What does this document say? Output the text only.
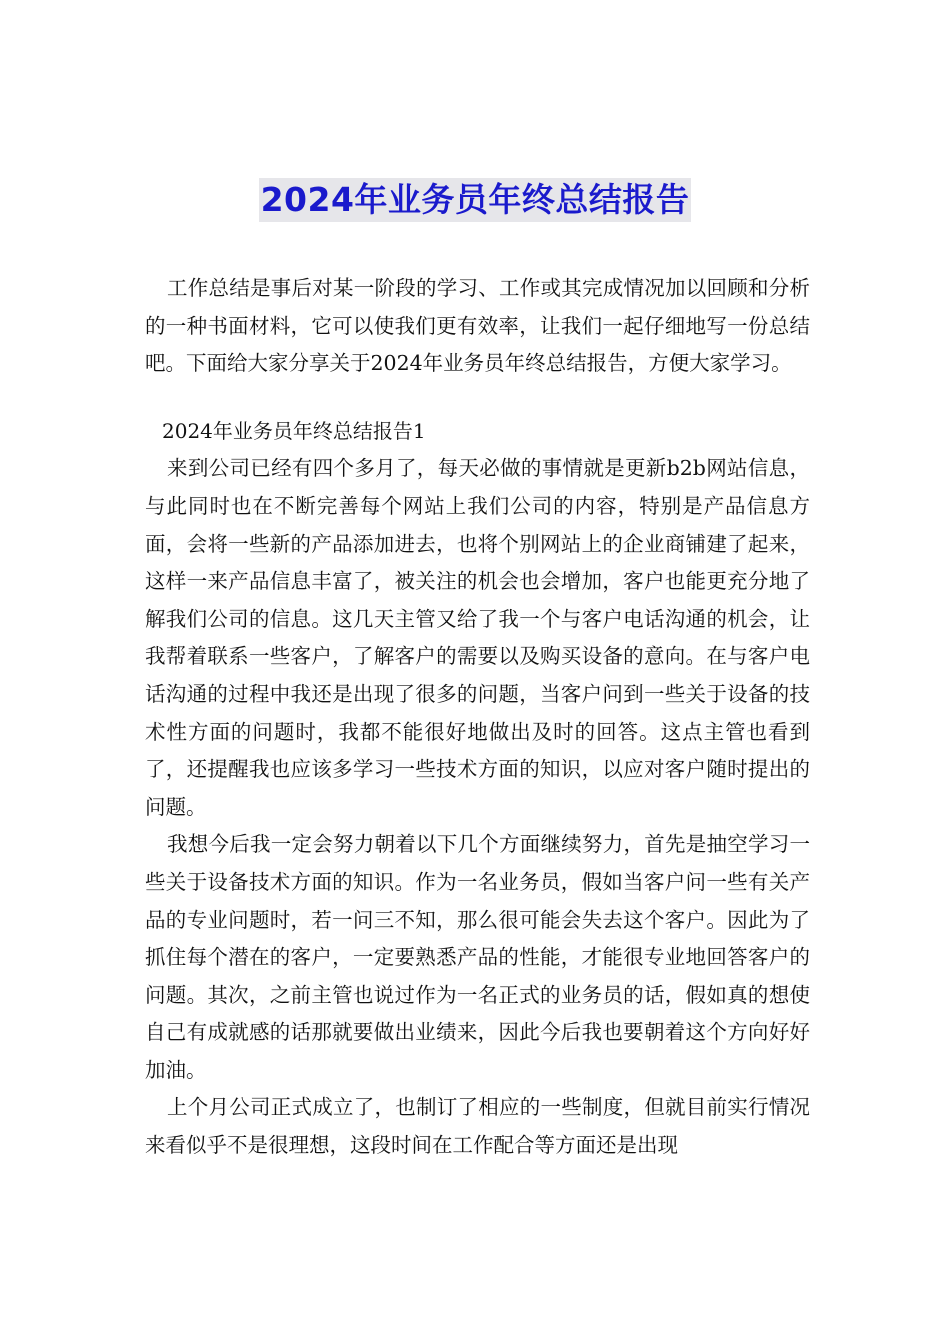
2024年业务员年终总结报告

工作总结是事后对某一阶段的学习、工作或其完成情况加以回顾和分析的一种书面材料，它可以使我们更有效率，让我们一起仔细地写一份总结吧。下面给大家分享关于2024年业务员年终总结报告，方便大家学习。

2024年业务员年终总结报告1

来到公司已经有四个多月了，每天必做的事情就是更新b2b网站信息，与此同时也在不断完善每个网站上我们公司的内容，特别是产品信息方面，会将一些新的产品添加进去，也将个别网站上的企业商铺建了起来，这样一来产品信息丰富了，被关注的机会也会增加，客户也能更充分地了解我们公司的信息。这几天主管又给了我一个与客户电话沟通的机会，让我帮着联系一些客户，了解客户的需要以及购买设备的意向。在与客户电话沟通的过程中我还是出现了很多的问题，当客户问到一些关于设备的技术性方面的问题时，我都不能很好地做出及时的回答。这点主管也看到了，还提醒我也应该多学习一些技术方面的知识，以应对客户随时提出的问题。

我想今后我一定会努力朝着以下几个方面继续努力，首先是抽空学习一些关于设备技术方面的知识。作为一名业务员，假如当客户问一些有关产品的专业问题时，若一问三不知，那么很可能会失去这个客户。因此为了抓住每个潜在的客户，一定要熟悉产品的性能，才能很专业地回答客户的问题。其次，之前主管也说过作为一名正式的业务员的话，假如真的想使自己有成就感的话那就要做出业绩来，因此今后我也要朝着这个方向好好加油。

上个月公司正式成立了，也制订了相应的一些制度，但就目前实行情况来看似乎不是很理想，这段时间在工作配合等方面还是出现
